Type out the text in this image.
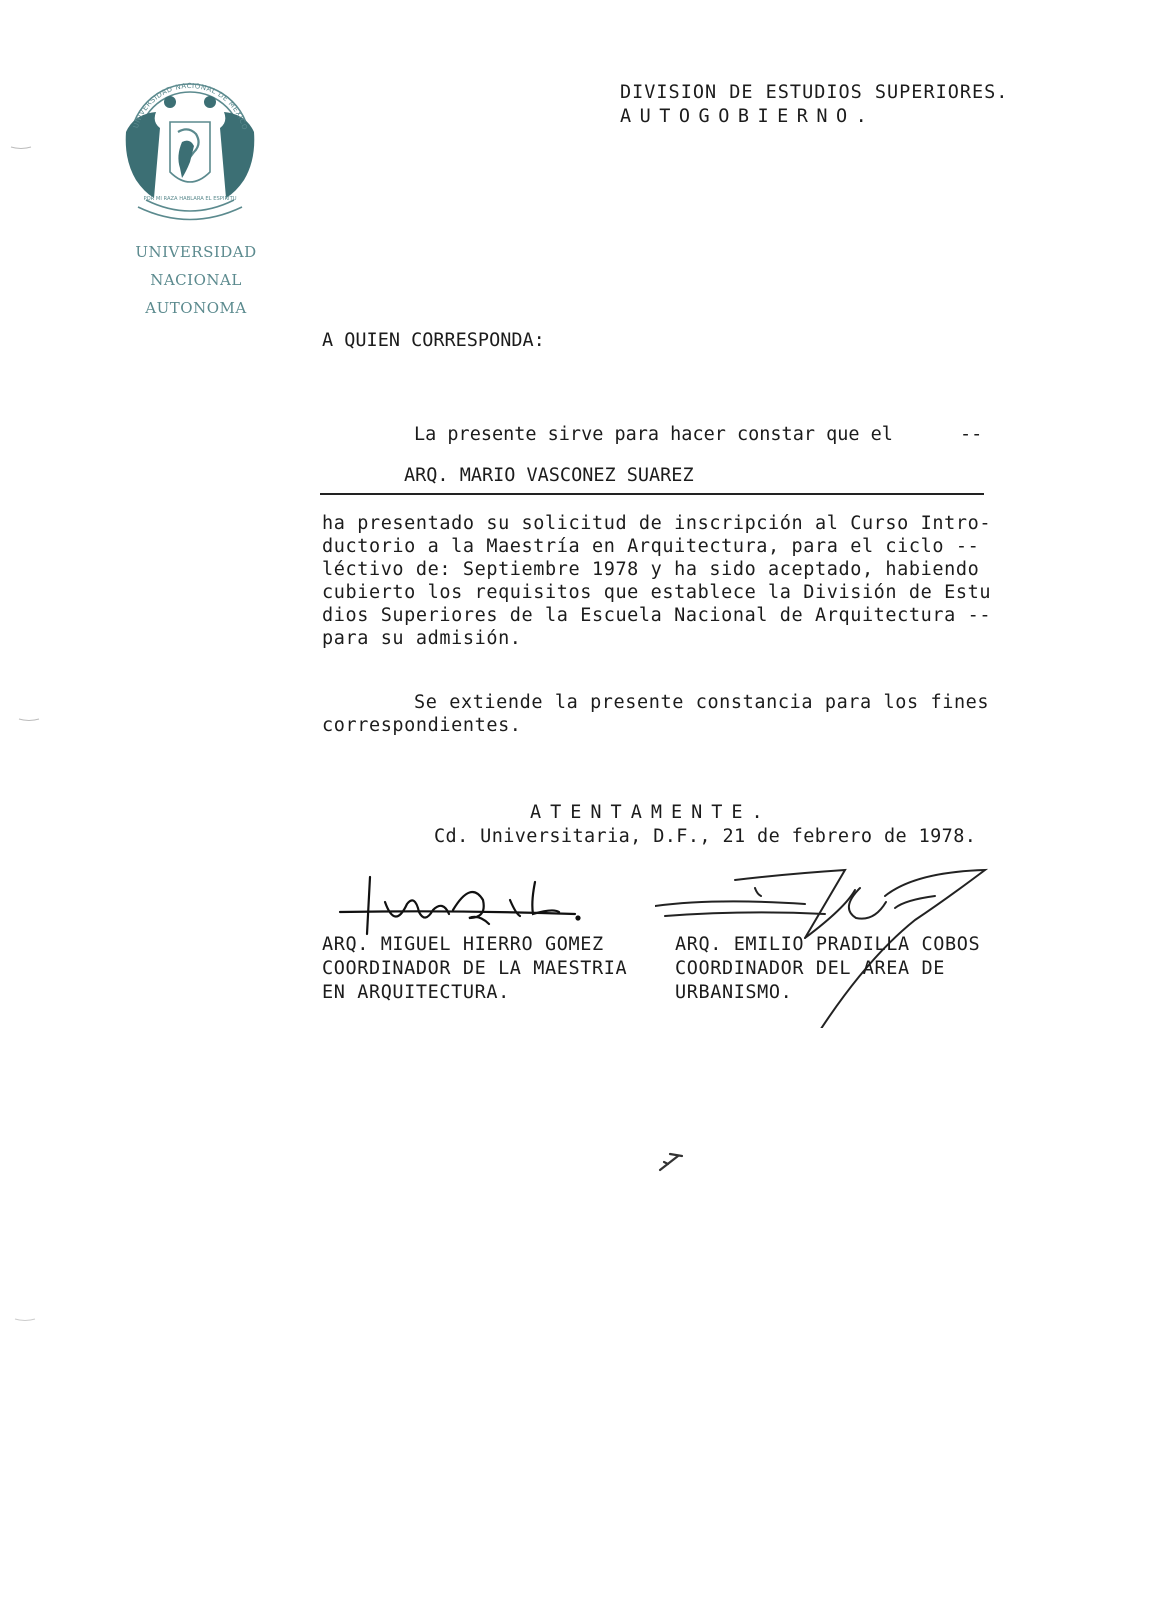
UNIVERSIDAD NACIONAL DE MEXICO
POR MI RAZA HABLARA EL ESPIRITU
UNIVERSIDAD NACIONAL
AUTONOMA
DIVISION DE ESTUDIOS SUPERIORES.
AUTOGOBIERNO.
A QUIEN CORRESPONDA:
La presente sirve para hacer constar que el	--
ARQ. MARIO VASCONEZ SUAREZ
ha presentado su solicitud de inscripción al Curso Intro-
ductorio a la Maestría en Arquitectura, para el ciclo --
léctivo de: Septiembre 1978 y ha sido aceptado, habiendo
cubierto los requisitos que establece la División de Estu
dios Superiores de la Escuela Nacional de Arquitectura --
para su admisión.
Se extiende la presente constancia para los fines
correspondientes.
ATENTAMENTE.
Cd. Universitaria, D.F., 21 de febrero de 1978.
ARQ. MIGUEL HIERRO GOMEZ
COORDINADOR DE LA MAESTRIA
EN ARQUITECTURA.
ARQ. EMILIO PRADILLA COBOS
COORDINADOR DEL AREA DE
URBANISMO.
